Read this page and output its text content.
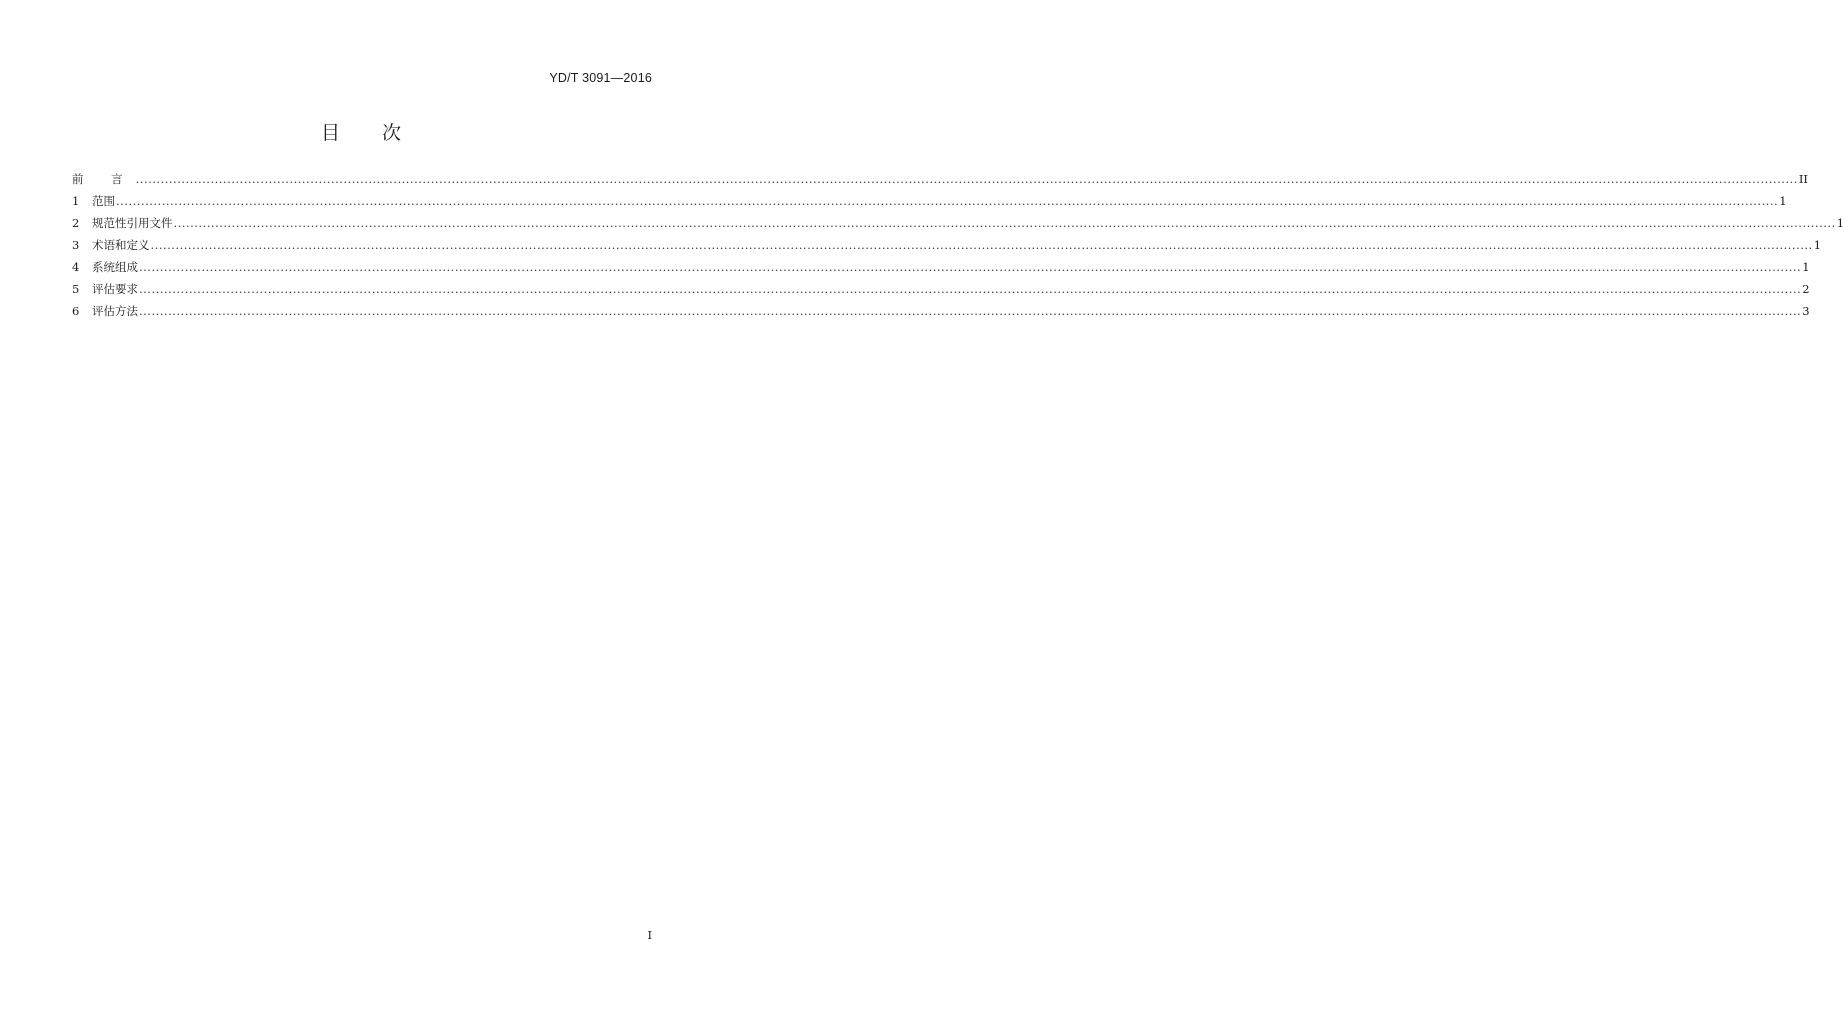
YD/T 3091—2016
目 次
前 言 ................................................................................................................................................................................................................................................................................................................................................................................................................ II
1	范围 ................................................................................................................................................................................................................................................................................................................................................................................................................ 1
2	规范性引用文件 ................................................................................................................................................................................................................................................................................................................................................................................................................ 1
3	术语和定义 ................................................................................................................................................................................................................................................................................................................................................................................................................ 1
4	系统组成 ................................................................................................................................................................................................................................................................................................................................................................................................................ 1
5	评估要求 ................................................................................................................................................................................................................................................................................................................................................................................................................ 2
6	评估方法 ................................................................................................................................................................................................................................................................................................................................................................................................................ 3
I
